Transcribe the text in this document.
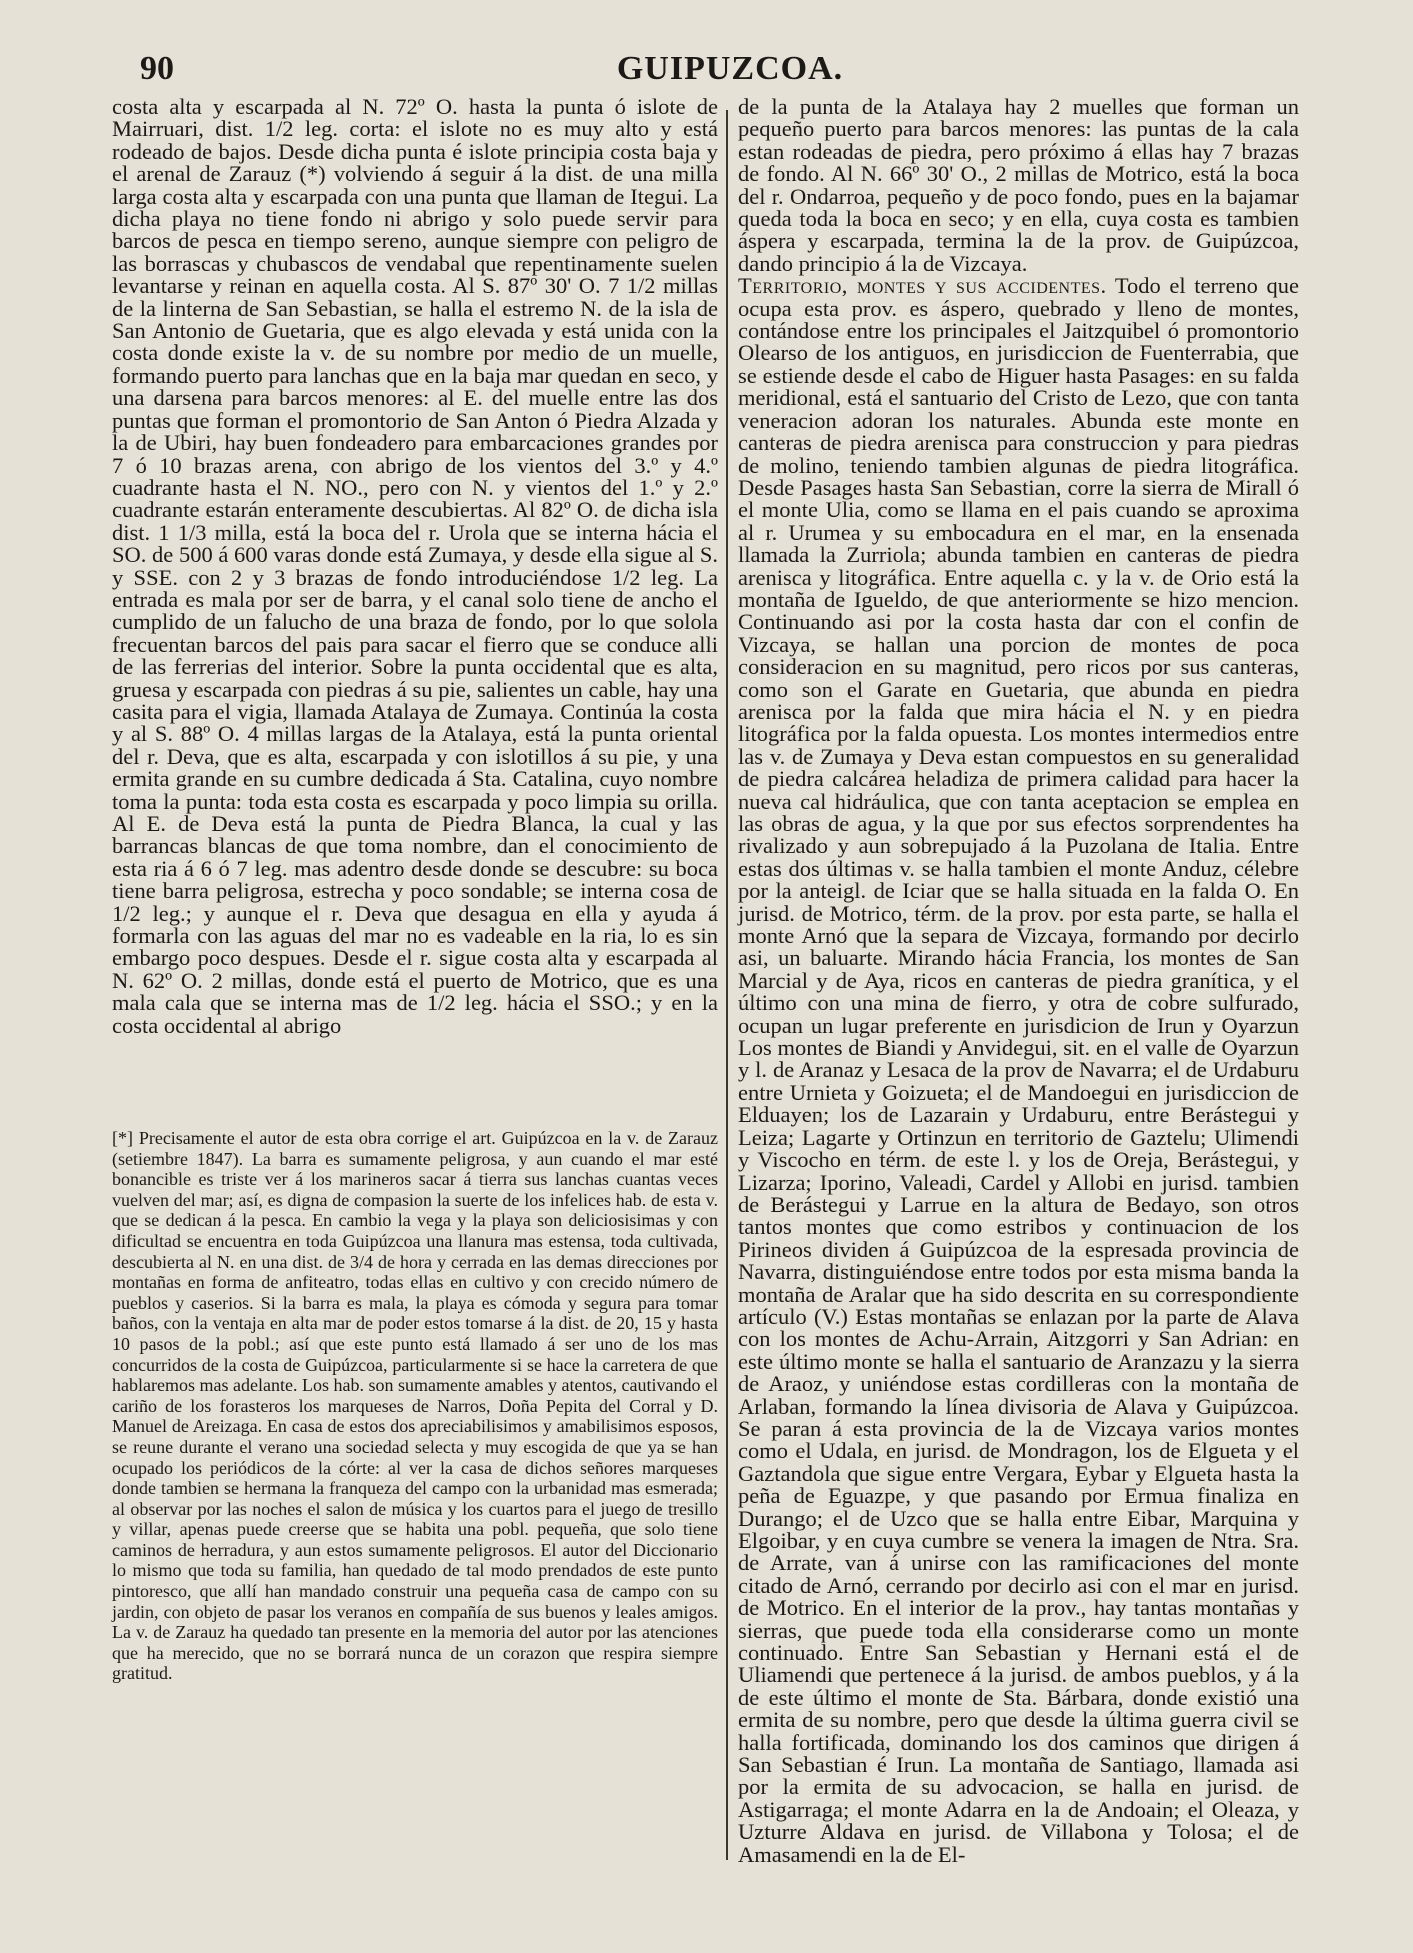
90	GUIPUZCOA.

costa alta y escarpada al N. 72º O. hasta la punta ó islote de Mairruari, dist. 1/2 leg. corta: el islote no es muy alto y está rodeado de bajos. Desde dicha punta é islote principia costa baja y el arenal de Zarauz (*) volviendo á seguir á la dist. de una milla larga costa alta y escarpada con una punta que llaman de Itegui. La dicha playa no tiene fondo ni abrigo y solo puede servir para barcos de pesca en tiempo sereno, aunque siempre con peligro de las borrascas y chubascos de vendabal que repentinamente suelen levantarse y reinan en aquella costa. Al S. 87º 30' O. 7 1/2 millas de la linterna de San Sebastian, se halla el estremo N. de la isla de San Antonio de Guetaria, que es algo elevada y está unida con la costa donde existe la v. de su nombre por medio de un muelle, formando puerto para lanchas que en la baja mar quedan en seco, y una darsena para barcos menores: al E. del muelle entre las dos puntas que forman el promontorio de San Anton ó Piedra Alzada y la de Ubiri, hay buen fondeadero para embarcaciones grandes por 7 ó 10 brazas arena, con abrigo de los vientos del 3.º y 4.º cuadrante hasta el N. NO., pero con N. y vientos del 1.º y 2.º cuadrante estarán enteramente descubiertas. Al 82º O. de dicha isla dist. 1 1/3 milla, está la boca del r. Urola que se interna hácia el SO. de 500 á 600 varas donde está Zumaya, y desde ella sigue al S. y SSE. con 2 y 3 brazas de fondo introduciéndose 1/2 leg. La entrada es mala por ser de barra, y el canal solo tiene de ancho el cumplido de un falucho de una braza de fondo, por lo que solola frecuentan barcos del pais para sacar el fierro que se conduce alli de las ferrerias del interior. Sobre la punta occidental que es alta, gruesa y escarpada con piedras á su pie, salientes un cable, hay una casita para el vigia, llamada Atalaya de Zumaya. Continúa la costa y al S. 88º O. 4 millas largas de la Atalaya, está la punta oriental del r. Deva, que es alta, escarpada y con islotillos á su pie, y una ermita grande en su cumbre dedicada á Sta. Catalina, cuyo nombre toma la punta: toda esta costa es escarpada y poco limpia su orilla. Al E. de Deva está la punta de Piedra Blanca, la cual y las barrancas blancas de que toma nombre, dan el conocimiento de esta ria á 6 ó 7 leg. mas adentro desde donde se descubre: su boca tiene barra peligrosa, estrecha y poco sondable; se interna cosa de 1/2 leg.; y aunque el r. Deva que desagua en ella y ayuda á formarla con las aguas del mar no es vadeable en la ria, lo es sin embargo poco despues. Desde el r. sigue costa alta y escarpada al N. 62º O. 2 millas, donde está el puerto de Motrico, que es una mala cala que se interna mas de 1/2 leg. hácia el SSO.; y en la costa occidental al abrigo

[*] Precisamente el autor de esta obra corrige el art. Guipúzcoa en la v. de Zarauz (setiembre 1847). La barra es sumamente peligrosa, y aun cuando el mar esté bonancible es triste ver á los marineros sacar á tierra sus lanchas cuantas veces vuelven del mar; así, es digna de compasion la suerte de los infelices hab. de esta v. que se dedican á la pesca. En cambio la vega y la playa son deliciosisimas y con dificultad se encuentra en toda Guipúzcoa una llanura mas estensa, toda cultivada, descubierta al N. en una dist. de 3/4 de hora y cerrada en las demas direcciones por montañas en forma de anfiteatro, todas ellas en cultivo y con crecido número de pueblos y caserios. Si la barra es mala, la playa es cómoda y segura para tomar baños, con la ventaja en alta mar de poder estos tomarse á la dist. de 20, 15 y hasta 10 pasos de la pobl.; así que este punto está llamado á ser uno de los mas concurridos de la costa de Guipúzcoa, particularmente si se hace la carretera de que hablaremos mas adelante. Los hab. son sumamente amables y atentos, cautivando el cariño de los forasteros los marqueses de Narros, Doña Pepita del Corral y D. Manuel de Areizaga. En casa de estos dos apreciabilisimos y amabilisimos esposos, se reune durante el verano una sociedad selecta y muy escogida de que ya se han ocupado los periódicos de la córte: al ver la casa de dichos señores marqueses donde tambien se hermana la franqueza del campo con la urbanidad mas esmerada; al observar por las noches el salon de música y los cuartos para el juego de tresillo y villar, apenas puede creerse que se habita una pobl. pequeña, que solo tiene caminos de herradura, y aun estos sumamente peligrosos. El autor del Diccionario lo mismo que toda su familia, han quedado de tal modo prendados de este punto pintoresco, que allí han mandado construir una pequeña casa de campo con su jardin, con objeto de pasar los veranos en compañía de sus buenos y leales amigos. La v. de Zarauz ha quedado tan presente en la memoria del autor por las atenciones que ha merecido, que no se borrará nunca de un corazon que respira siempre gratitud.

de la punta de la Atalaya hay 2 muelles que forman un pequeño puerto para barcos menores: las puntas de la cala estan rodeadas de piedra, pero próximo á ellas hay 7 brazas de fondo. Al N. 66º 30' O., 2 millas de Motrico, está la boca del r. Ondarroa, pequeño y de poco fondo, pues en la bajamar queda toda la boca en seco; y en ella, cuya costa es tambien áspera y escarpada, termina la de la prov. de Guipúzcoa, dando principio á la de Vizcaya.

Territorio, montes y sus accidentes. Todo el terreno que ocupa esta prov. es áspero, quebrado y lleno de montes, contándose entre los principales el Jaitzquibel ó promontorio Olearso de los antiguos, en jurisdiccion de Fuenterrabia, que se estiende desde el cabo de Higuer hasta Pasages: en su falda meridional, está el santuario del Cristo de Lezo, que con tanta veneracion adoran los naturales. Abunda este monte en canteras de piedra arenisca para construccion y para piedras de molino, teniendo tambien algunas de piedra litográfica. Desde Pasages hasta San Sebastian, corre la sierra de Mirall ó el monte Ulia, como se llama en el pais cuando se aproxima al r. Urumea y su embocadura en el mar, en la ensenada llamada la Zurriola; abunda tambien en canteras de piedra arenisca y litográfica. Entre aquella c. y la v. de Orio está la montaña de Igueldo, de que anteriormente se hizo mencion. Continuando asi por la costa hasta dar con el confin de Vizcaya, se hallan una porcion de montes de poca consideracion en su magnitud, pero ricos por sus canteras, como son el Garate en Guetaria, que abunda en piedra arenisca por la falda que mira hácia el N. y en piedra litográfica por la falda opuesta. Los montes intermedios entre las v. de Zumaya y Deva estan compuestos en su generalidad de piedra calcárea heladiza de primera calidad para hacer la nueva cal hidráulica, que con tanta aceptacion se emplea en las obras de agua, y la que por sus efectos sorprendentes ha rivalizado y aun sobrepujado á la Puzolana de Italia. Entre estas dos últimas v. se halla tambien el monte Anduz, célebre por la anteigl. de Iciar que se halla situada en la falda O. En jurisd. de Motrico, térm. de la prov. por esta parte, se halla el monte Arnó que la separa de Vizcaya, formando por decirlo asi, un baluarte. Mirando hácia Francia, los montes de San Marcial y de Aya, ricos en canteras de piedra granítica, y el último con una mina de fierro, y otra de cobre sulfurado, ocupan un lugar preferente en jurisdicion de Irun y Oyarzun Los montes de Biandi y Anvidegui, sit. en el valle de Oyarzun y l. de Aranaz y Lesaca de la prov de Navarra; el de Urdaburu entre Urnieta y Goizueta; el de Mandoegui en jurisdiccion de Elduayen; los de Lazarain y Urdaburu, entre Berástegui y Leiza; Lagarte y Ortinzun en territorio de Gaztelu; Ulimendi y Viscocho en térm. de este l. y los de Oreja, Berástegui, y Lizarza; Iporino, Valeadi, Cardel y Allobi en jurisd. tambien de Berástegui y Larrue en la altura de Bedayo, son otros tantos montes que como estribos y continuacion de los Pirineos dividen á Guipúzcoa de la espresada provincia de Navarra, distinguiéndose entre todos por esta misma banda la montaña de Aralar que ha sido descrita en su correspondiente artículo (V.) Estas montañas se enlazan por la parte de Alava con los montes de Achu-Arrain, Aitzgorri y San Adrian: en este último monte se halla el santuario de Aranzazu y la sierra de Araoz, y uniéndose estas cordilleras con la montaña de Arlaban, formando la línea divisoria de Alava y Guipúzcoa. Se paran á esta provincia de la de Vizcaya varios montes como el Udala, en jurisd. de Mondragon, los de Elgueta y el Gaztandola que sigue entre Vergara, Eybar y Elgueta hasta la peña de Eguazpe, y que pasando por Ermua finaliza en Durango; el de Uzco que se halla entre Eibar, Marquina y Elgoibar, y en cuya cumbre se venera la imagen de Ntra. Sra. de Arrate, van á unirse con las ramificaciones del monte citado de Arnó, cerrando por decirlo asi con el mar en jurisd. de Motrico. En el interior de la prov., hay tantas montañas y sierras, que puede toda ella considerarse como un monte continuado. Entre San Sebastian y Hernani está el de Uliamendi que pertenece á la jurisd. de ambos pueblos, y á la de este último el monte de Sta. Bárbara, donde existió una ermita de su nombre, pero que desde la última guerra civil se halla fortificada, dominando los dos caminos que dirigen á San Sebastian é Irun. La montaña de Santiago, llamada asi por la ermita de su advocacion, se halla en jurisd. de Astigarraga; el monte Adarra en la de Andoain; el Oleaza, y Uzturre Aldava en jurisd. de Villabona y Tolosa; el de Amasamendi en la de El-
